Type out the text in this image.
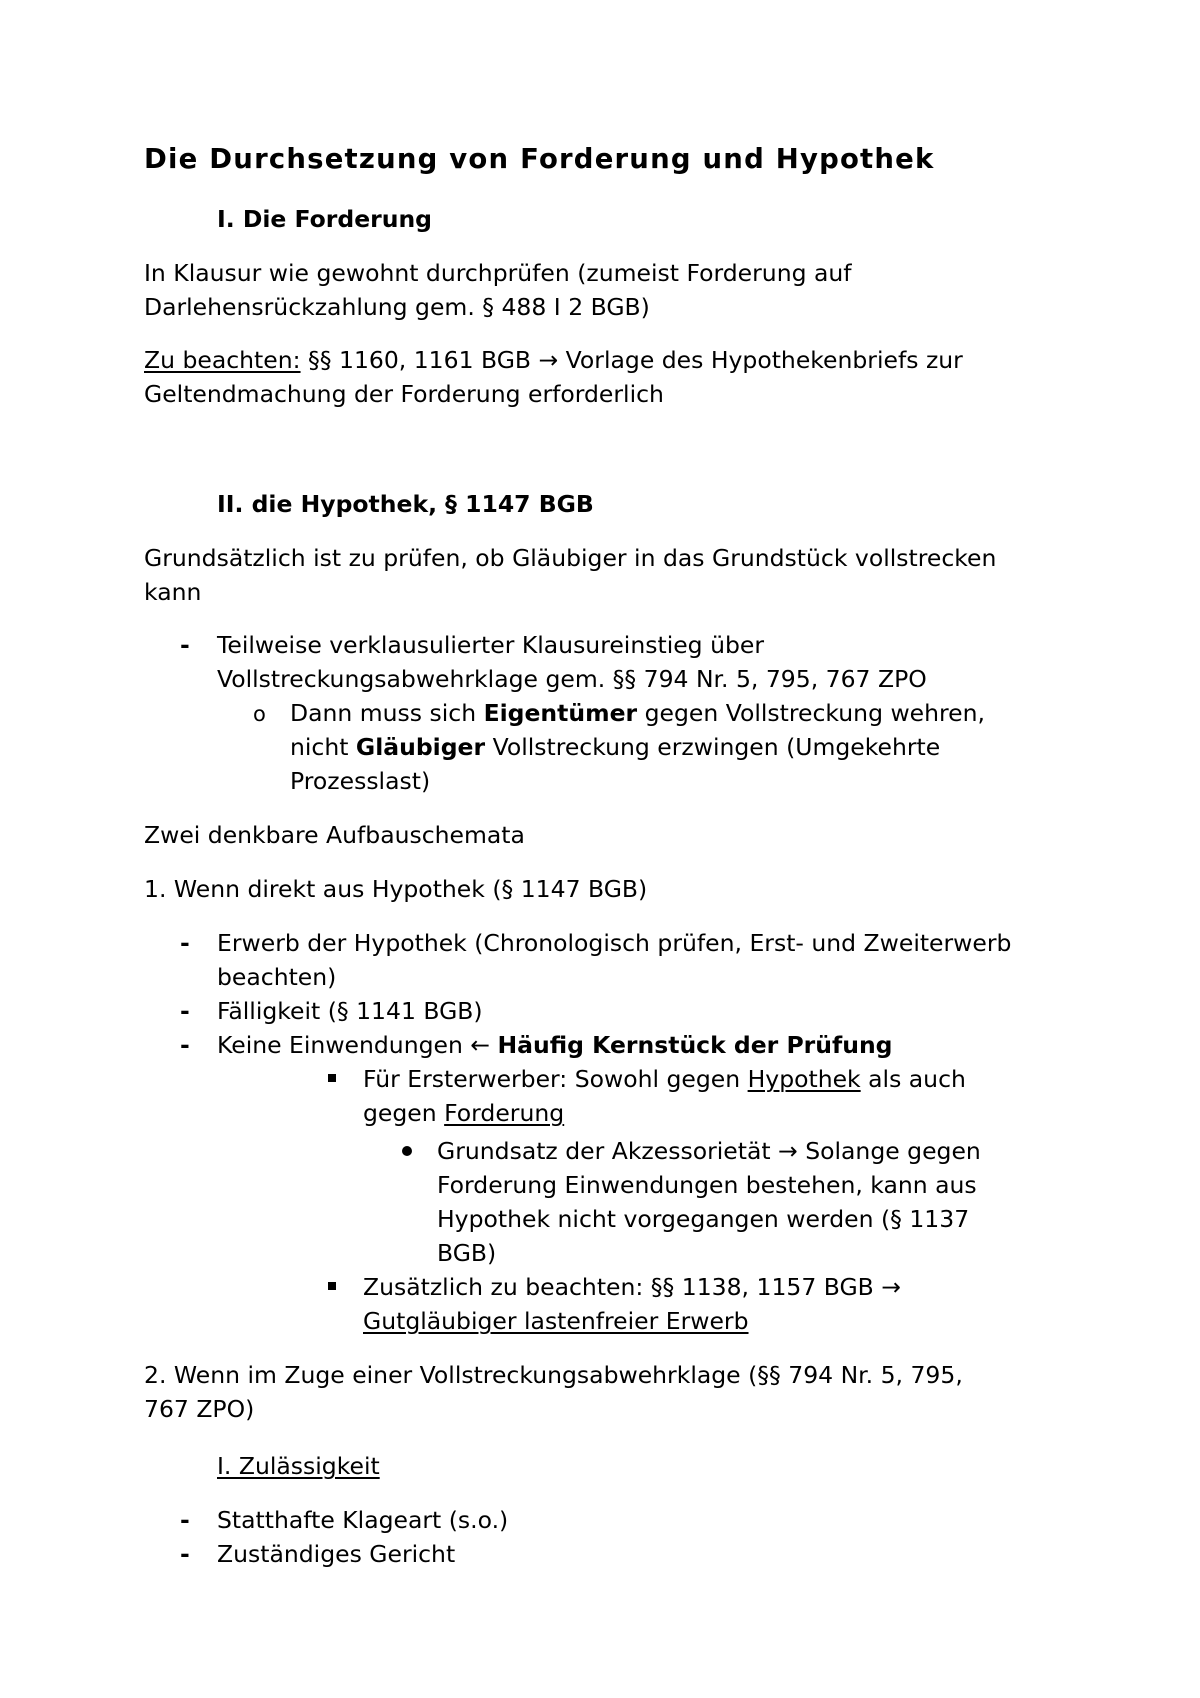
Die Durchsetzung von Forderung und Hypothek
I. Die Forderung
In Klausur wie gewohnt durchprüfen (zumeist Forderung auf
Darlehensrückzahlung gem. § 488 I 2 BGB)
Zu beachten: §§ 1160, 1161 BGB → Vorlage des Hypothekenbriefs zur
Geltendmachung der Forderung erforderlich
II. die Hypothek, § 1147 BGB
Grundsätzlich ist zu prüfen, ob Gläubiger in das Grundstück vollstrecken
kann
- Teilweise verklausulierter Klausureinstieg über
Vollstreckungsabwehrklage gem. §§ 794 Nr. 5, 795, 767 ZPO
o Dann muss sich Eigentümer gegen Vollstreckung wehren,
nicht Gläubiger Vollstreckung erzwingen (Umgekehrte
Prozesslast)
Zwei denkbare Aufbauschemata
1. Wenn direkt aus Hypothek (§ 1147 BGB)
- Erwerb der Hypothek (Chronologisch prüfen, Erst- und Zweiterwerb
beachten)
- Fälligkeit (§ 1141 BGB)
- Keine Einwendungen ← Häufig Kernstück der Prüfung
Für Ersterwerber: Sowohl gegen Hypothek als auch
gegen Forderung
Grundsatz der Akzessorietät → Solange gegen
Forderung Einwendungen bestehen, kann aus
Hypothek nicht vorgegangen werden (§ 1137
BGB)
Zusätzlich zu beachten: §§ 1138, 1157 BGB →
Gutgläubiger lastenfreier Erwerb
2. Wenn im Zuge einer Vollstreckungsabwehrklage (§§ 794 Nr. 5, 795,
767 ZPO)
I. Zulässigkeit
- Statthafte Klageart (s.o.)
- Zuständiges Gericht
